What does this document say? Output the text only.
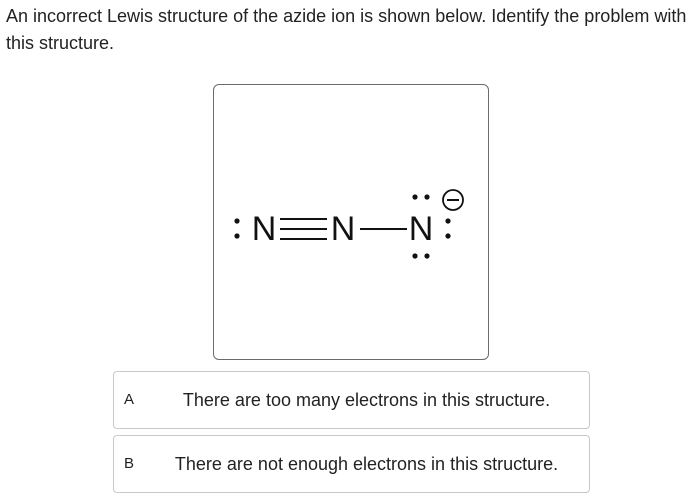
An incorrect Lewis structure of the azide ion is shown below. Identify the problem with this structure.
N N N
A	There are too many electrons in this structure.
B	There are not enough electrons in this structure.
